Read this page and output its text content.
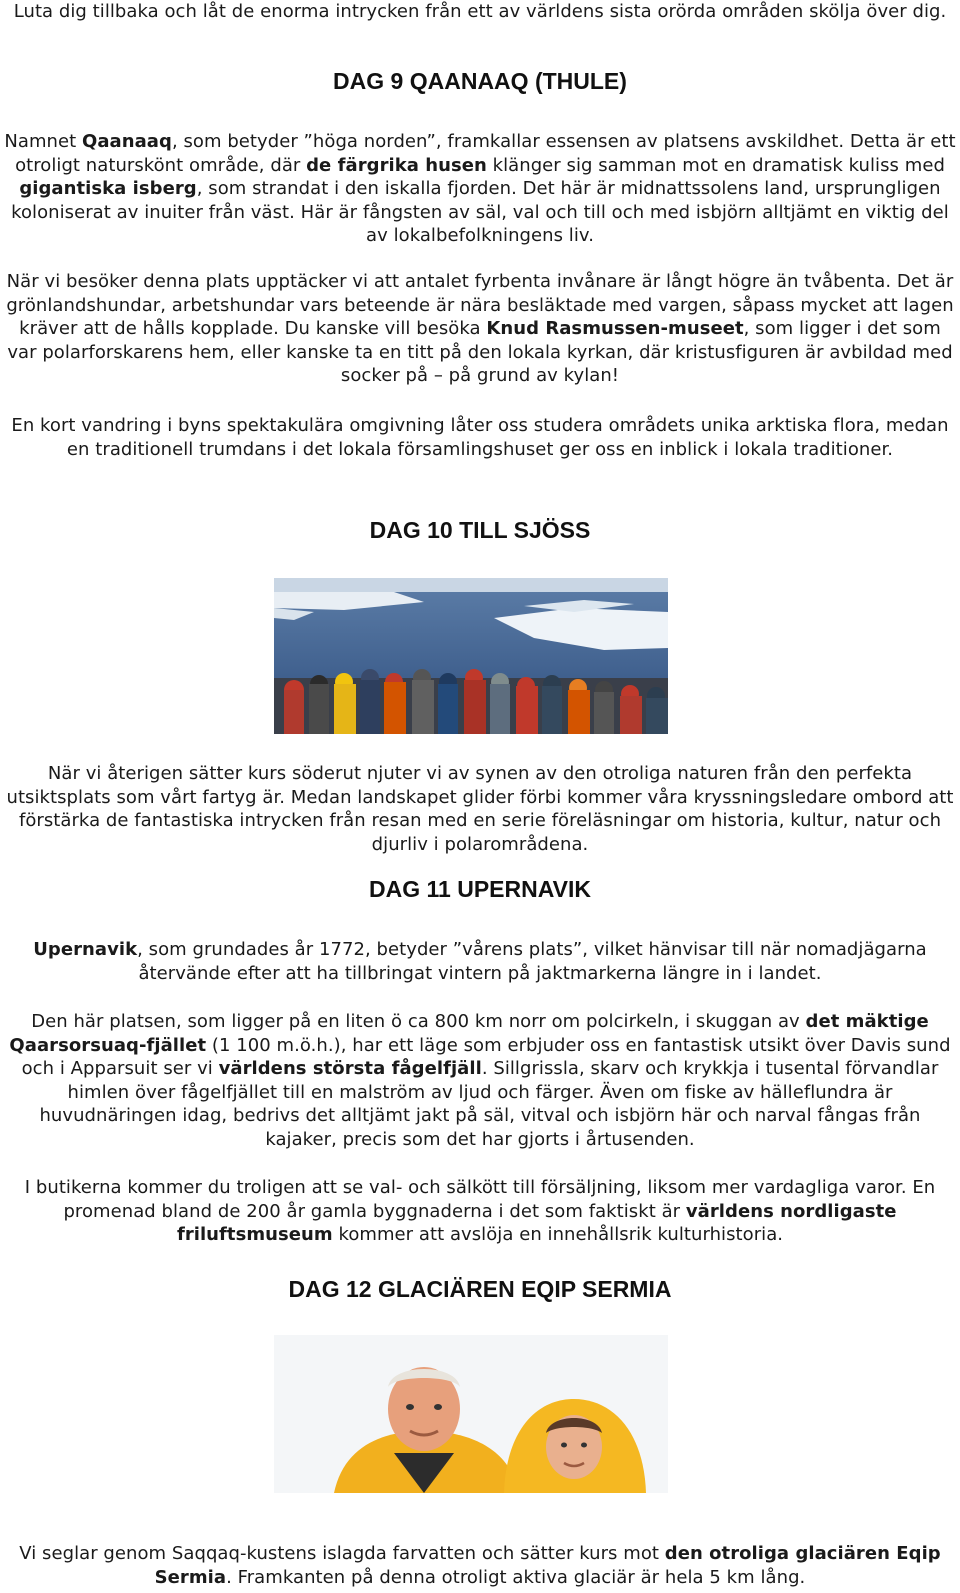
Luta dig tillbaka och låt de enorma intrycken från ett av världens sista orörda områden skölja över dig.

DAG 9 QAANAAQ (THULE)

Namnet Qaanaaq, som betyder ”höga norden”, framkallar essensen av platsens avskildhet. Detta är ett otroligt naturskönt område, där de färgrika husen klänger sig samman mot en dramatisk kuliss med gigantiska isberg, som strandat i den iskalla fjorden. Det här är midnattssolens land, ursprungligen koloniserat av inuiter från väst. Här är fångsten av säl, val och till och med isbjörn alltjämt en viktig del av lokalbefolkningens liv.

När vi besöker denna plats upptäcker vi att antalet fyrbenta invånare är långt högre än tvåbenta. Det är grönlandshundar, arbetshundar vars beteende är nära besläktade med vargen, såpass mycket att lagen kräver att de hålls kopplade. Du kanske vill besöka Knud Rasmussen-museet, som ligger i det som var polarforskarens hem, eller kanske ta en titt på den lokala kyrkan, där kristusfiguren är avbildad med socker på – på grund av kylan!

En kort vandring i byns spektakulära omgivning låter oss studera områdets unika arktiska flora, medan en traditionell trumdans i det lokala församlingshuset ger oss en inblick i lokala traditioner.

DAG 10 TILL SJÖSS

När vi återigen sätter kurs söderut njuter vi av synen av den otroliga naturen från den perfekta utsiktsplats som vårt fartyg är. Medan landskapet glider förbi kommer våra kryssningsledare ombord att förstärka de fantastiska intrycken från resan med en serie föreläsningar om historia, kultur, natur och djurliv i polarområdena.

DAG 11 UPERNAVIK

Upernavik, som grundades år 1772, betyder ”vårens plats”, vilket hänvisar till när nomadjägarna återvände efter att ha tillbringat vintern på jaktmarkerna längre in i landet.

Den här platsen, som ligger på en liten ö ca 800 km norr om polcirkeln, i skuggan av det mäktige Qaarsorsuaq-fjället (1 100 m.ö.h.), har ett läge som erbjuder oss en fantastisk utsikt över Davis sund och i Apparsuit ser vi världens största fågelfjäll. Sillgrissla, skarv och krykkja i tusental förvandlar himlen över fågelfjället till en malström av ljud och färger. Även om fiske av hälleflundra är huvudnäringen idag, bedrivs det alltjämt jakt på säl, vitval och isbjörn här och narval fångas från kajaker, precis som det har gjorts i årtusenden.

I butikerna kommer du troligen att se val- och sälkött till försäljning, liksom mer vardagliga varor. En promenad bland de 200 år gamla byggnaderna i det som faktiskt är världens nordligaste friluftsmuseum kommer att avslöja en innehållsrik kulturhistoria.

DAG 12 GLACIÄREN EQIP SERMIA

Vi seglar genom Saqqaq-kustens islagda farvatten och sätter kurs mot den otroliga glaciären Eqip Sermia. Framkanten på denna otroligt aktiva glaciär är hela 5 km lång.
